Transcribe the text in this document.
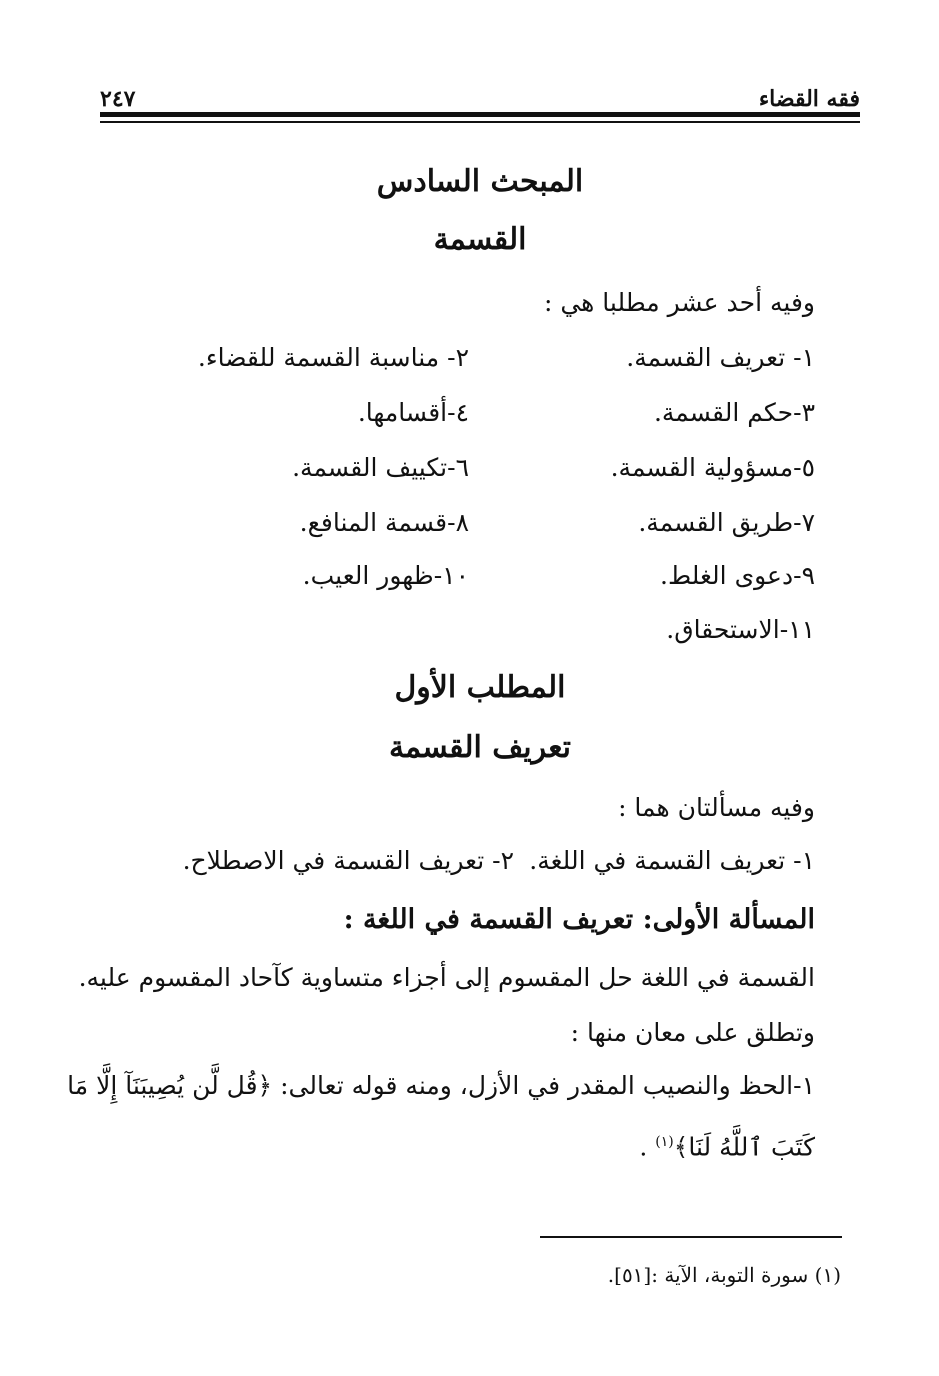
فقه القضاء
٢٤٧
المبحث السادس
القسمة
وفيه أحد عشر مطلبا هي :
١- تعريف القسمة.
٢- مناسبة القسمة للقضاء.
٣-حكم القسمة.
٤-أقسامها.
٥-مسؤولية القسمة.
٦-تكييف القسمة.
٧-طريق القسمة.
٨-قسمة المنافع.
٩-دعوى الغلط.
١٠-ظهور العيب.
١١-الاستحقاق.
المطلب الأول
تعريف القسمة
وفيه مسألتان هما :
١- تعريف القسمة في اللغة.
٢- تعريف القسمة في الاصطلاح.
المسألة الأولى: تعريف القسمة في اللغة :
القسمة في اللغة حل المقسوم إلى أجزاء متساوية كآحاد المقسوم عليه.
وتطلق على معان منها :
١-الحظ والنصيب المقدر في الأزل، ومنه قوله تعالى: ﴿قُل لَّن يُصِيبَنَآ إِلَّا مَا
كَتَبَ ٱللَّهُ لَنَا﴾$^{(١)}$ .
(١) سورة التوبة، الآية :[٥١].
